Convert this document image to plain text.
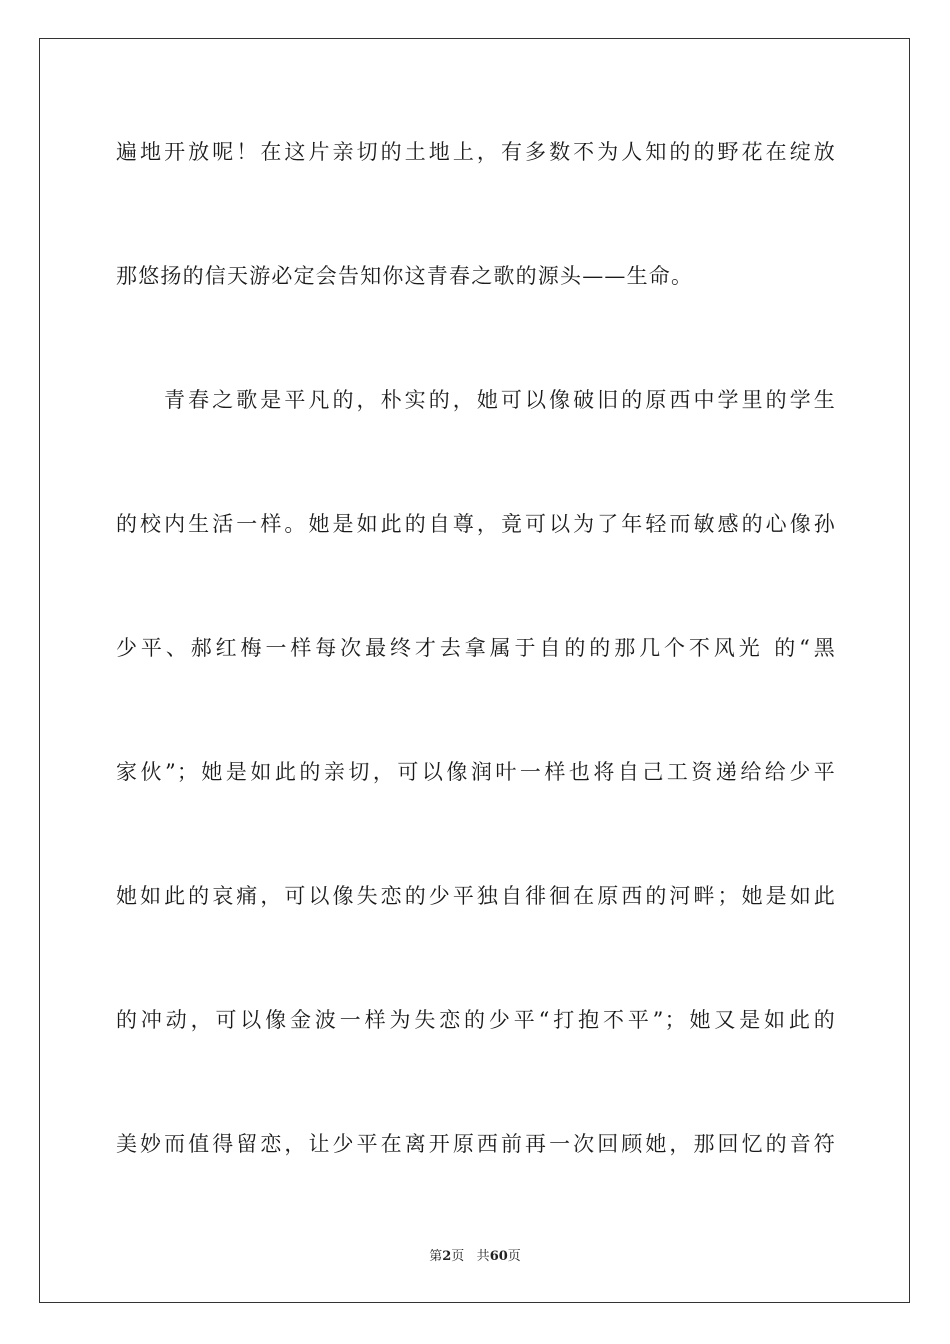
遍地开放呢！在这片亲切的土地上，有多数不为人知的的野花在绽放
那悠扬的信天游必定会告知你这青春之歌的源头——生命。
青春之歌是平凡的，朴实的，她可以像破旧的原西中学里的学生
的校内生活一样。她是如此的自尊，竟可以为了年轻而敏感的心像孙
少平、郝红梅一样每次最终才去拿属于自的的那几个不风光 的“黑
家伙”；她是如此的亲切，可以像润叶一样也将自己工资递给给少平
她如此的哀痛，可以像失恋的少平独自徘徊在原西的河畔；她是如此
的冲动，可以像金波一样为失恋的少平“打抱不平”；她又是如此的
美妙而值得留恋，让少平在离开原西前再一次回顾她，那回忆的音符
第2页 共60页
